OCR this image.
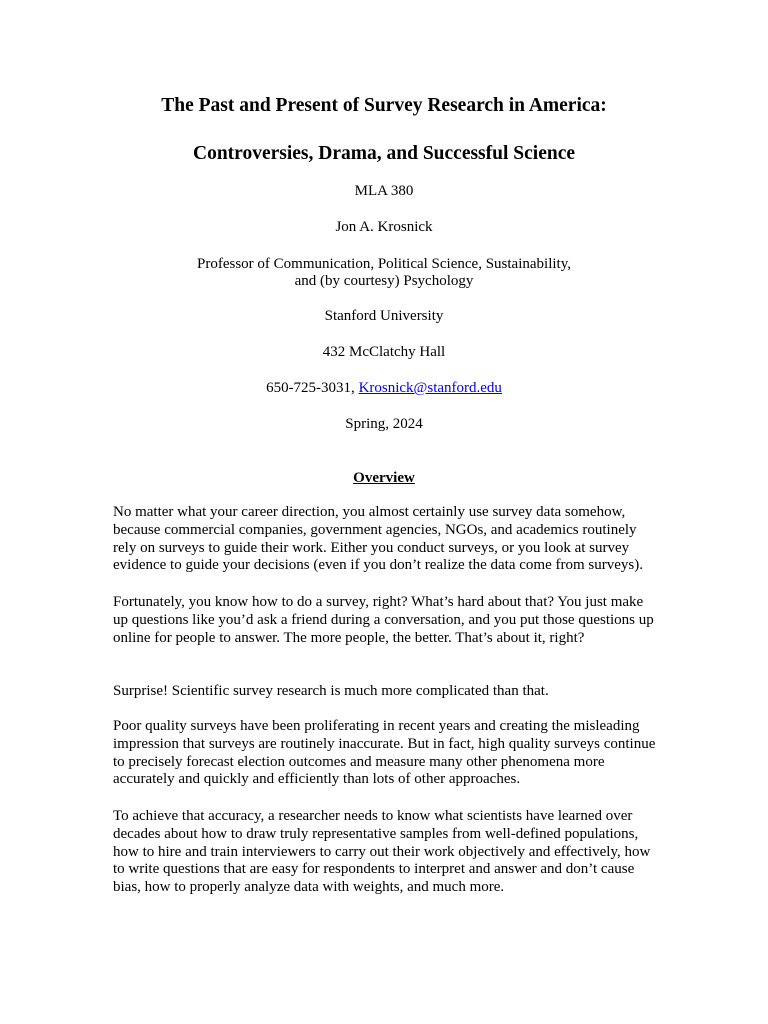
The Past and Present of Survey Research in America:
Controversies, Drama, and Successful Science

MLA 380

Jon A. Krosnick

Professor of Communication, Political Science, Sustainability,

and (by courtesy) Psychology

Stanford University

432 McClatchy Hall

650-725-3031, Krosnick@stanford.edu

Spring, 2024

Overview

No matter what your career direction, you almost certainly use survey data somehow, because commercial companies, government agencies, NGOs, and academics routinely rely on surveys to guide their work. Either you conduct surveys, or you look at survey evidence to guide your decisions (even if you don’t realize the data come from surveys).

Fortunately, you know how to do a survey, right? What’s hard about that? You just make up questions like you’d ask a friend during a conversation, and you put those questions up online for people to answer. The more people, the better. That’s about it, right?

Surprise! Scientific survey research is much more complicated than that.

Poor quality surveys have been proliferating in recent years and creating the misleading impression that surveys are routinely inaccurate. But in fact, high quality surveys continue to precisely forecast election outcomes and measure many other phenomena more accurately and quickly and efficiently than lots of other approaches.

To achieve that accuracy, a researcher needs to know what scientists have learned over decades about how to draw truly representative samples from well-defined populations, how to hire and train interviewers to carry out their work objectively and effectively, how to write questions that are easy for respondents to interpret and answer and don’t cause bias, how to properly analyze data with weights, and much more.
